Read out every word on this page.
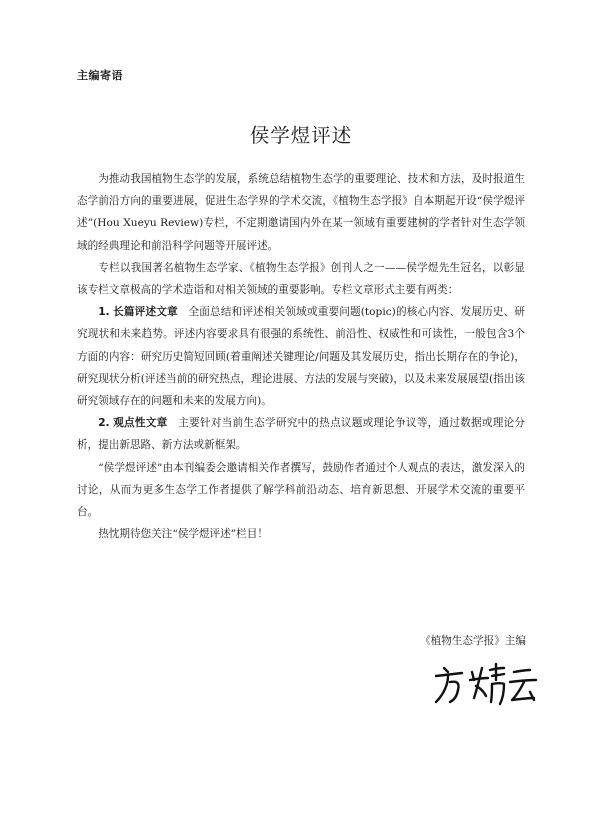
主编寄语
侯学煜评述

为推动我国植物生态学的发展，系统总结植物生态学的重要理论、技术和方法，及时报道生态学前沿方向的重要进展，促进生态学界的学术交流，《植物生态学报》自本期起开设“侯学煜评述”(Hou Xueyu Review)专栏，不定期邀请国内外在某一领域有重要建树的学者针对生态学领域的经典理论和前沿科学问题等开展评述。

专栏以我国著名植物生态学家、《植物生态学报》创刊人之一——侯学煜先生冠名，以彰显该专栏文章极高的学术造诣和对相关领域的重要影响。专栏文章形式主要有两类：

1. 长篇评述文章  全面总结和评述相关领域或重要问题(topic)的核心内容、发展历史、研究现状和未来趋势。评述内容要求具有很强的系统性、前沿性、权威性和可读性，一般包含3个方面的内容：研究历史简短回顾(着重阐述关键理论/问题及其发展历史，指出长期存在的争论)，研究现状分析(评述当前的研究热点，理论进展、方法的发展与突破)，以及未来发展展望(指出该研究领域存在的问题和未来的发展方向)。

2. 观点性文章  主要针对当前生态学研究中的热点议题或理论争议等，通过数据或理论分析，提出新思路、新方法或新框架。

“侯学煜评述”由本刊编委会邀请相关作者撰写，鼓励作者通过个人观点的表达，激发深入的讨论，从而为更多生态学工作者提供了解学科前沿动态、培育新思想、开展学术交流的重要平台。

热忱期待您关注“侯学煜评述”栏目！

《植物生态学报》主编
